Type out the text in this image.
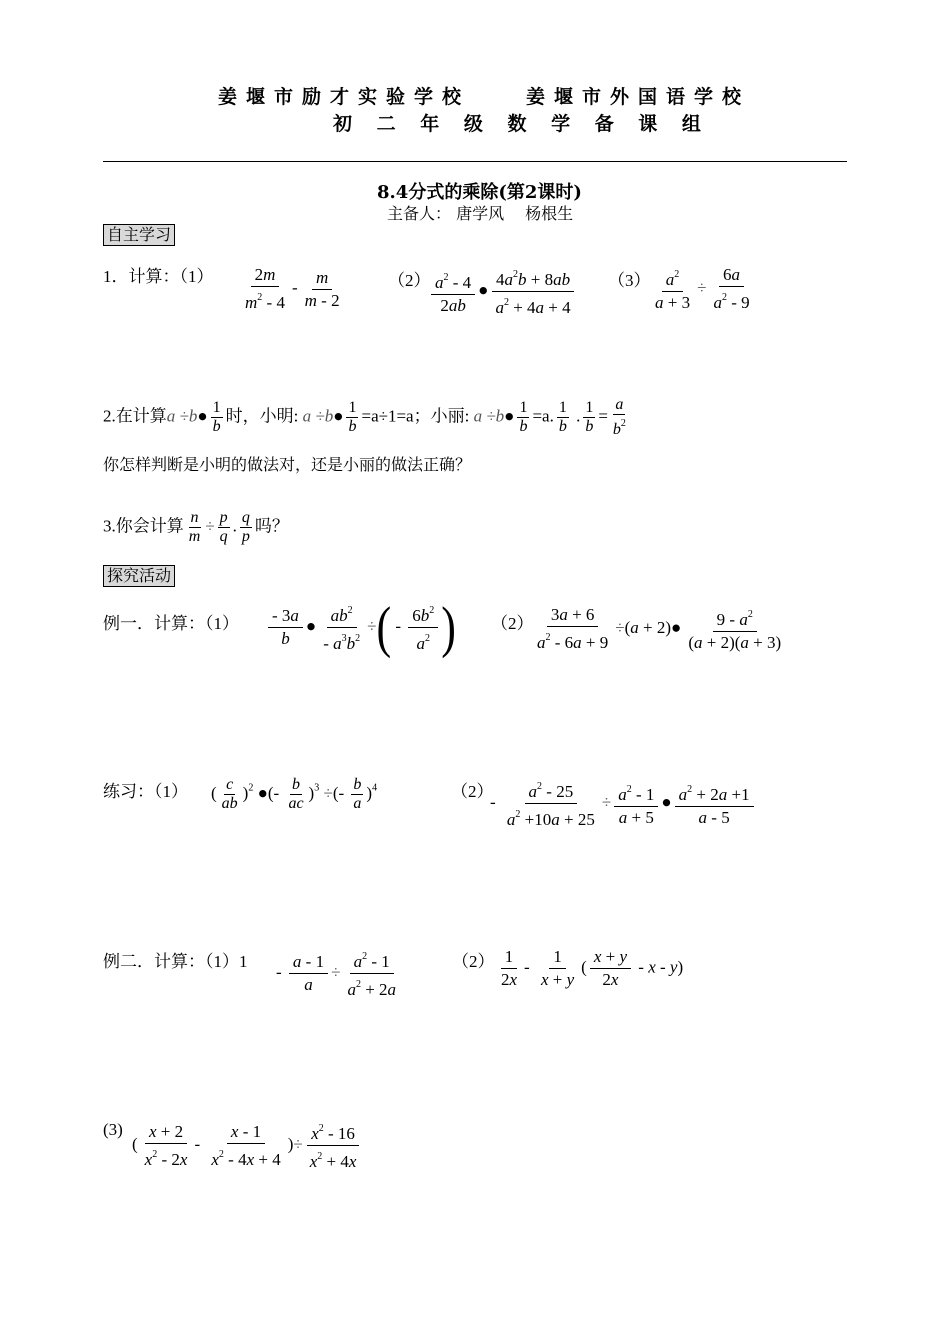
姜堰市励才实验学校　　姜堰市外国语学校
初 二 年 级 数 学 备 课 组
8.4分式的乘除(第2课时)
主备人： 唐学风　 杨根生
自主学习
1．计算：$(1) \frac{2m}{m^2 - 4} - \frac{m}{m - 2}$	$(2) \frac{a^2 - 4}{2ab}$ ● $\frac{4a^2b + 8ab}{a^2 + 4a + 4} (3) \frac{a^2}{a + 3} \div \frac{6a}{a^2 - 9}$
2.在计算a ÷b● $\frac{1}{b}$ 时，小明: a ÷b● $\frac{1}{b} =a\div 1=a$；小丽: a ÷b● $\frac{1}{b} =a$. $\frac{1}{b}$ . $\frac{1}{b} = \frac{a}{b^2}$
你怎样判断是小明的做法对，还是小丽的做法正确？
3.你会计算 $\frac{n}{m} \div \frac{p}{q}$ . $\frac{q}{p}$ 吗？
探究活动
例一．计算：$(1) \frac{- 3a}{b}$ ● $\frac{ab^2}{- a^3b^2}$ ÷( - $\frac{6b^2}{a^2}$ ) $(2) \frac{3a + 6}{a^2 - 6a + 9} \div(a$ + 2)● $\frac{9 - a^2}{(a + 2)(a + 3)}$
练习：（1） ( $\frac{c}{ab} )^2$ ●(- $\frac{b}{ac} )^3$ ÷(- $\frac{b}{a} )^4$	（2）
- $\frac{a^2 - 25}{a^2 +10a + 25} \div \frac{a^2 - 1}{a + 5}$ ● $\frac{a^2 + 2a +1}{a - 5}$
例二．计算：（1）1
- $\frac{a - 1}{a} \div \frac{a^2 - 1}{a^2 + 2a}$	$(2) \frac{1}{2x} - \frac{1}{x + y}$ ( $\frac{x + y}{2x}$ - x - y)
(3)
( $\frac{x + 2}{x^2 - 2x} - \frac{x - 1}{x^2 - 4x + 4}$ )÷ $\frac{x^2 - 16}{x^2 + 4x}$
